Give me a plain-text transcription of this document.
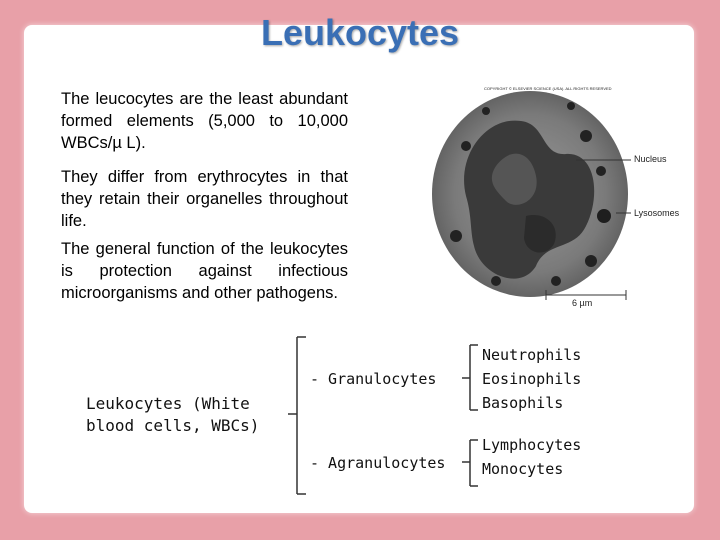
Leukocytes
The leucocytes are the least abundant formed elements (5,000 to 10,000 WBCs/µ L).
They differ from erythrocytes in that they retain their organelles throughout life.
The general function of the leukocytes is protection against infectious microorganisms and other pathogens.
COPYRIGHT © ELSEVIER SCIENCE (USA). ALL RIGHTS RESERVED
Nucleus
Lysosomes
6 µm
Leukocytes (White blood cells, WBCs)
- Granulocytes
- Agranulocytes
Neutrophils
Eosinophils
Basophils
Lymphocytes
Monocytes
